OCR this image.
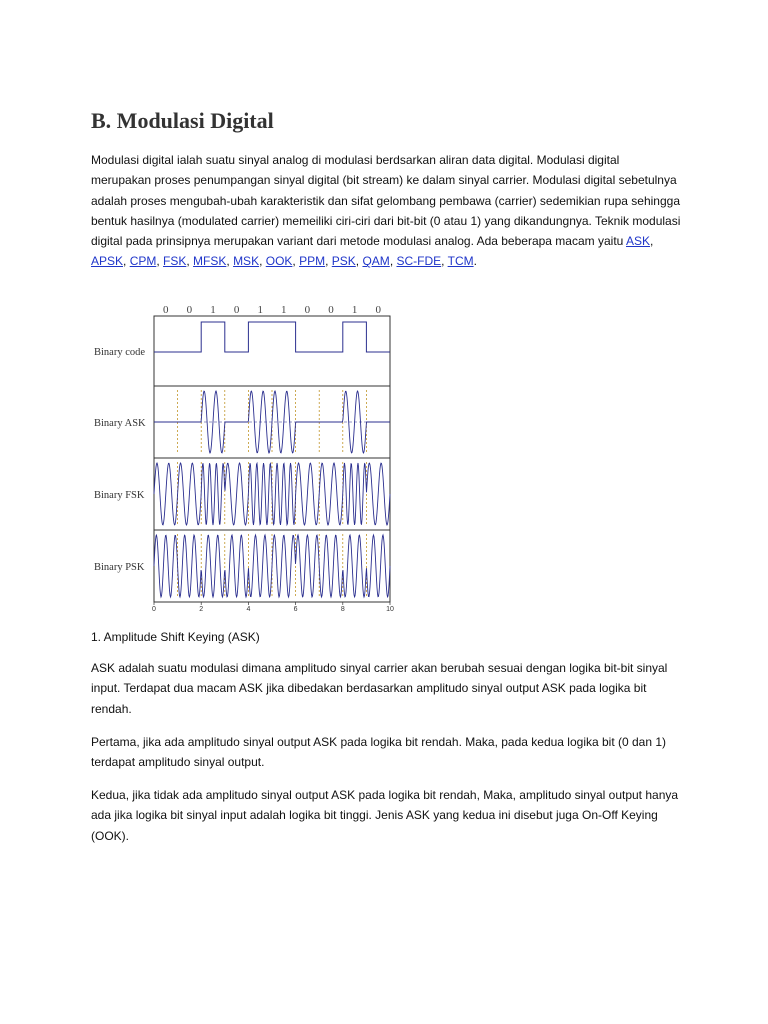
B. Modulasi Digital

Modulasi digital ialah suatu sinyal analog di modulasi berdsarkan aliran data digital. Modulasi digital merupakan proses penumpangan sinyal digital (bit stream) ke dalam sinyal carrier. Modulasi digital sebetulnya adalah proses mengubah-ubah karakteristik dan sifat gelombang pembawa (carrier) sedemikian rupa sehingga bentuk hasilnya (modulated carrier) memeiliki ciri-ciri dari bit-bit (0 atau 1) yang dikandungnya. Teknik modulasi digital pada prinsipnya merupakan variant dari metode modulasi analog. Ada beberapa macam yaitu ASK, APSK, CPM, FSK, MFSK, MSK, OOK, PPM, PSK, QAM, SC-FDE, TCM.

0 0 1 0 1 1 0 0 1 0
Binary code
Binary ASK
Binary FSK
Binary PSK
0	2	4	6	8	10

1. Amplitude Shift Keying (ASK)

ASK adalah suatu modulasi dimana amplitudo sinyal carrier akan berubah sesuai dengan logika bit-bit sinyal input. Terdapat dua macam ASK jika dibedakan berdasarkan amplitudo sinyal output ASK pada logika bit rendah.

Pertama, jika ada amplitudo sinyal output ASK pada logika bit rendah. Maka, pada kedua logika bit (0 dan 1) terdapat amplitudo sinyal output.

Kedua, jika tidak ada amplitudo sinyal output ASK pada logika bit rendah, Maka, amplitudo sinyal output hanya ada jika logika bit sinyal input adalah logika bit tinggi. Jenis ASK yang kedua ini disebut juga On-Off Keying (OOK).
